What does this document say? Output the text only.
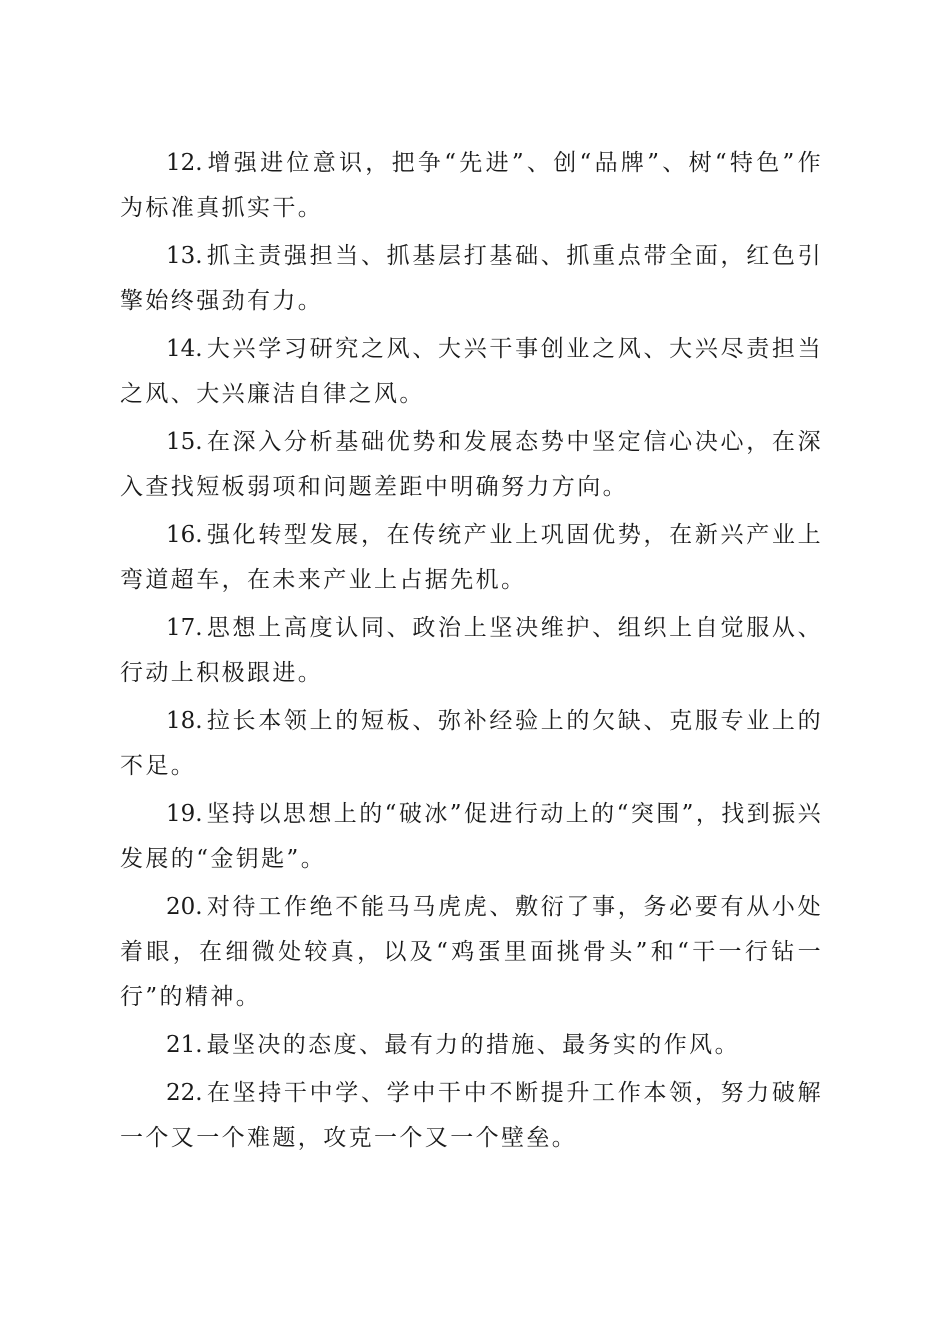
12. 增强进位意识，把争“先进”、创“品牌”、树“特色”作为标准真抓实干。

13. 抓主责强担当、抓基层打基础、抓重点带全面，红色引擎始终强劲有力。

14. 大兴学习研究之风、大兴干事创业之风、大兴尽责担当之风、大兴廉洁自律之风。

15. 在深入分析基础优势和发展态势中坚定信心决心，在深入查找短板弱项和问题差距中明确努力方向。

16. 强化转型发展，在传统产业上巩固优势，在新兴产业上弯道超车，在未来产业上占据先机。

17. 思想上高度认同、政治上坚决维护、组织上自觉服从、行动上积极跟进。

18. 拉长本领上的短板、弥补经验上的欠缺、克服专业上的不足。

19. 坚持以思想上的“破冰”促进行动上的“突围”，找到振兴发展的“金钥匙”。

20. 对待工作绝不能马马虎虎、敷衍了事，务必要有从小处着眼，在细微处较真，以及“鸡蛋里面挑骨头”和“干一行钻一行”的精神。

21. 最坚决的态度、最有力的措施、最务实的作风。

22. 在坚持干中学、学中干中不断提升工作本领，努力破解一个又一个难题，攻克一个又一个壁垒。
